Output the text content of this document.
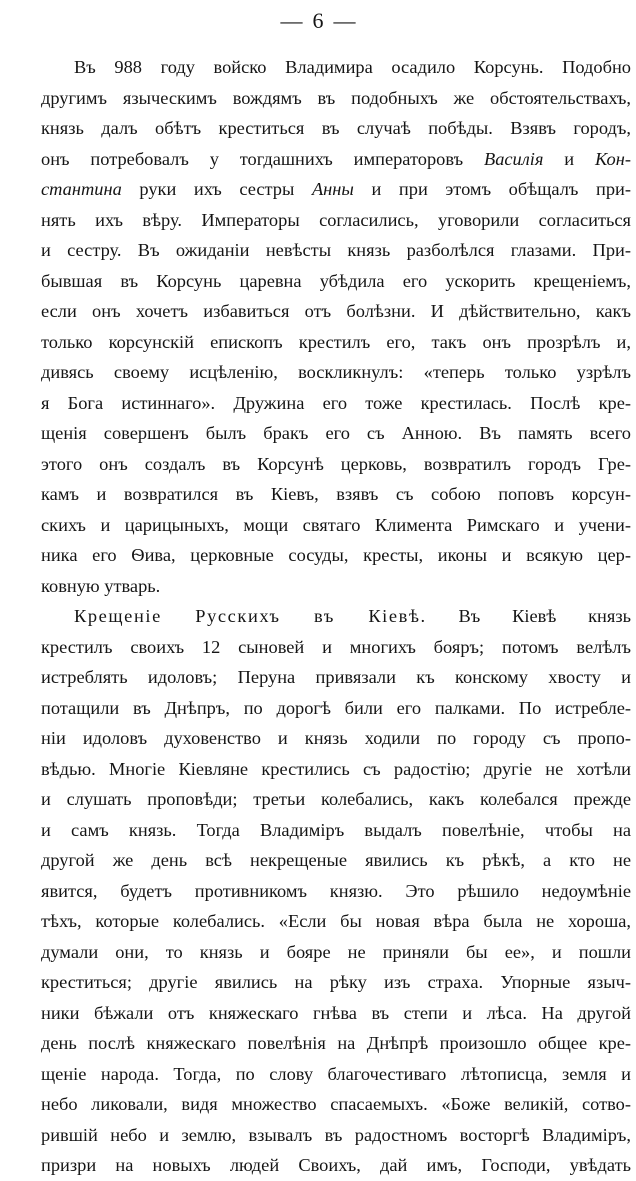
— 6 —
Въ 988 году войско Владимира осадило Корсунь. Подобно
другимъ языческимъ вождямъ въ подобныхъ же обстоятельствахъ,
князь далъ обѣтъ креститься въ случаѣ побѣды. Взявъ городъ,
онъ потребовалъ у тогдашнихъ императоровъ Василія и Кон-
стантина руки ихъ сестры Анны и при этомъ обѣщалъ при-
нять ихъ вѣру. Императоры согласились, уговорили согласиться
и сестру. Въ ожиданіи невѣсты князь разболѣлся глазами. При-
бывшая въ Корсунь царевна убѣдила его ускорить крещеніемъ,
если онъ хочетъ избавиться отъ болѣзни. И дѣйствительно, какъ
только корсунскій епископъ крестилъ его, такъ онъ прозрѣлъ и,
дивясь своему исцѣленію, воскликнулъ: «теперь только узрѣлъ
я Бога истиннаго». Дружина его тоже крестилась. Послѣ кре-
щенія совершенъ былъ бракъ его съ Анною. Въ память всего
этого онъ создалъ въ Корсунѣ церковь, возвратилъ городъ Гре-
камъ и возвратился въ Кіевъ, взявъ съ собою поповъ корсун-
скихъ и царицыныхъ, мощи святаго Климента Римскаго и учени-
ника его Ѳива, церковные сосуды, кресты, иконы и всякую цер-
ковную утварь.
Крещеніе Русскихъ въ Кіевѣ. Въ Кіевѣ князь
крестилъ своихъ 12 сыновей и многихъ бояръ; потомъ велѣлъ
истреблять идоловъ; Перуна привязали къ конскому хвосту и
потащили въ Днѣпръ, по дорогѣ били его палками. По истребле-
ніи идоловъ духовенство и князь ходили по городу съ пропо-
вѣдью. Многіе Кіевляне крестились съ радостію; другіе не хотѣли
и слушать проповѣди; третьи колебались, какъ колебался прежде
и самъ князь. Тогда Владиміръ выдалъ повелѣніе, чтобы на
другой же день всѣ некрещеные явились къ рѣкѣ, а кто не
явится, будетъ противникомъ князю. Это рѣшило недоумѣніе
тѣхъ, которые колебались. «Если бы новая вѣра была не хороша,
думали они, то князь и бояре не приняли бы ее», и пошли
креститься; другіе явились на рѣку изъ страха. Упорные языч-
ники бѣжали отъ княжескаго гнѣва въ степи и лѣса. На другой
день послѣ княжескаго повелѣнія на Днѣпрѣ произошло общее кре-
щеніе народа. Тогда, по слову благочестиваго лѣтописца, земля и
небо ликовали, видя множество спасаемыхъ. «Боже великій, сотво-
рившій небо и землю, взывалъ въ радостномъ восторгѣ Владиміръ,
призри на новыхъ людей Своихъ, дай имъ, Господи, увѣдать
